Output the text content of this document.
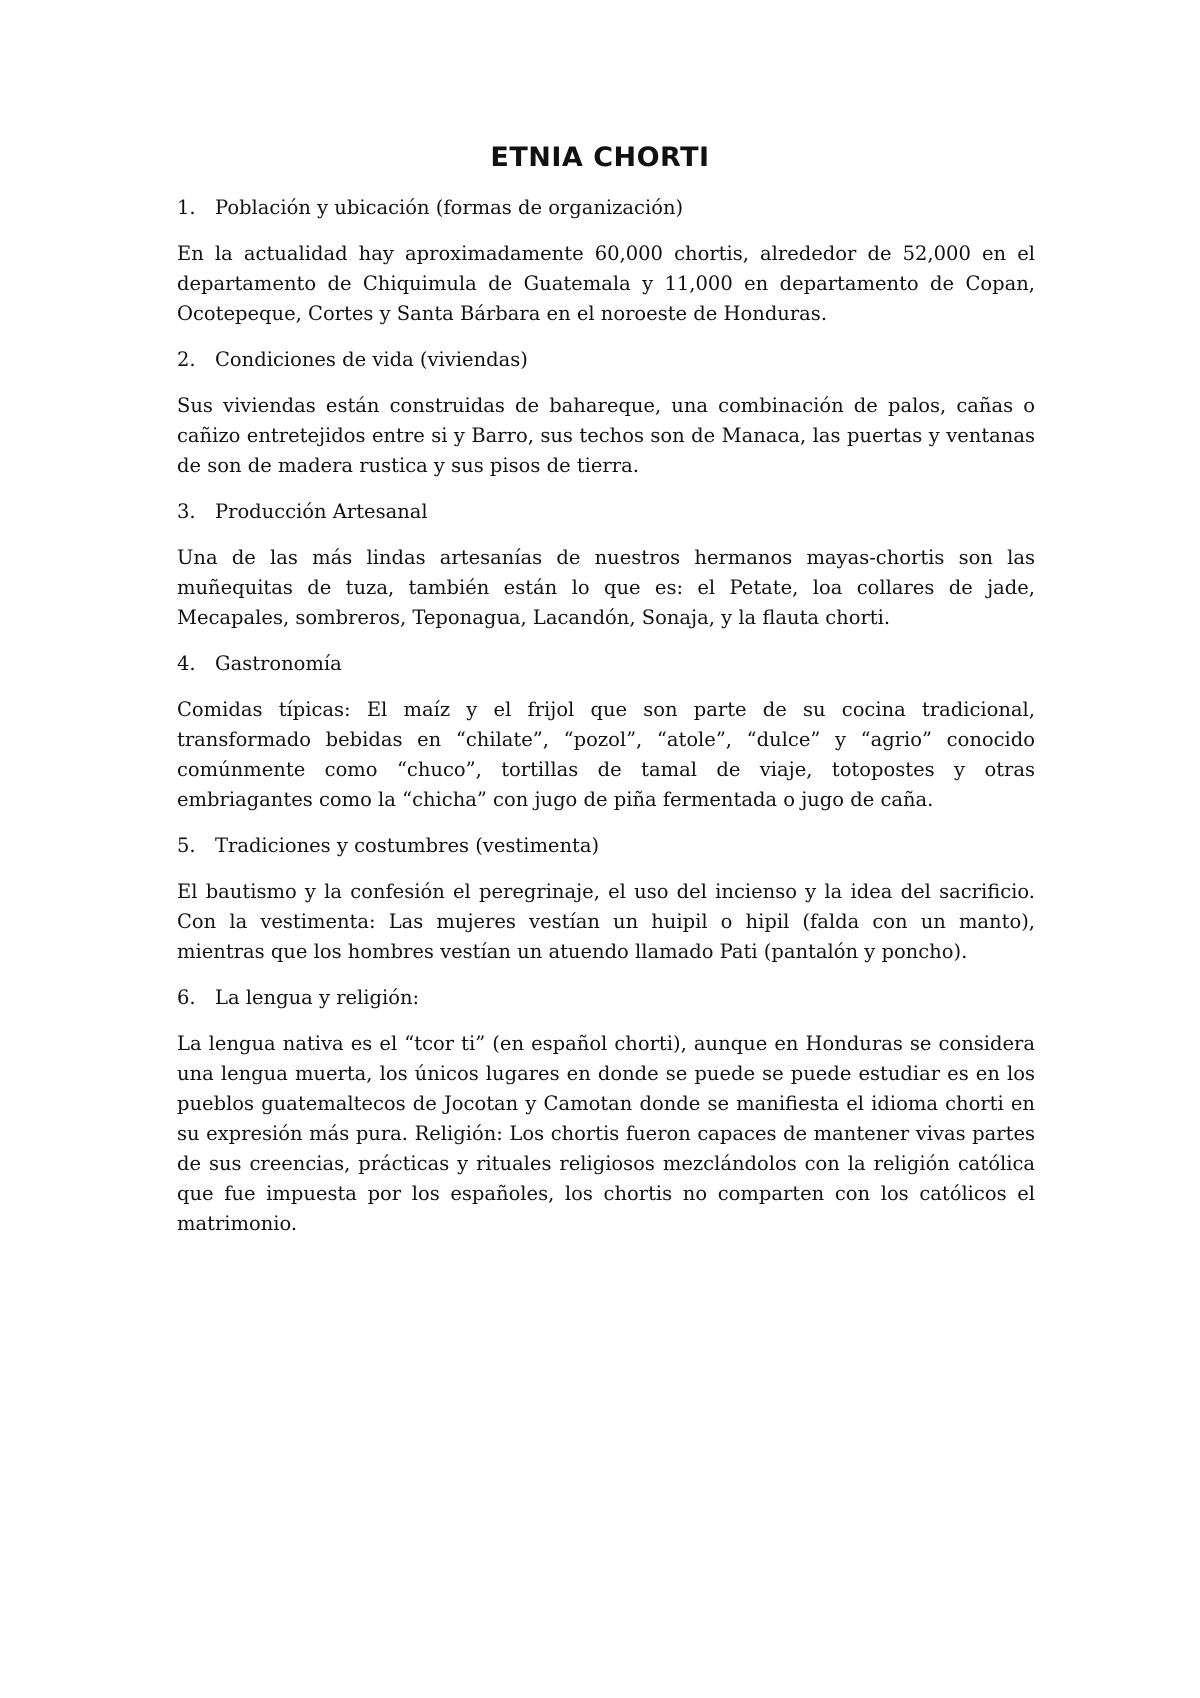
ETNIA CHORTI
1. Población y ubicación (formas de organización)

En la actualidad hay aproximadamente 60,000 chortis, alrededor de 52,000 en el departamento de Chiquimula de Guatemala y 11,000 en departamento de Copan, Ocotepeque, Cortes y Santa Bárbara en el noroeste de Honduras.

2. Condiciones de vida (viviendas)

Sus viviendas están construidas de bahareque, una combinación de palos, cañas o cañizo entretejidos entre si y Barro, sus techos son de Manaca, las puertas y ventanas de son de madera rustica y sus pisos de tierra.

3. Producción Artesanal

Una de las más lindas artesanías de nuestros hermanos mayas-chortis son las muñequitas de tuza, también están lo que es: el Petate, loa collares de jade, Mecapales, sombreros, Teponagua, Lacandón, Sonaja, y la flauta chorti.

4. Gastronomía

Comidas típicas: El maíz y el frijol que son parte de su cocina tradicional, transformado bebidas en “chilate”, “pozol”, “atole”, “dulce” y “agrio” conocido comúnmente como “chuco”, tortillas de tamal de viaje, totopostes y otras embriagantes como la “chicha” con jugo de piña fermentada o jugo de caña.

5. Tradiciones y costumbres (vestimenta)

El bautismo y la confesión el peregrinaje, el uso del incienso y la idea del sacrificio. Con la vestimenta: Las mujeres vestían un huipil o hipil (falda con un manto), mientras que los hombres vestían un atuendo llamado Pati (pantalón y poncho).

6. La lengua y religión:

La lengua nativa es el “tcor ti” (en español chorti), aunque en Honduras se considera una lengua muerta, los únicos lugares en donde se puede se puede estudiar es en los pueblos guatemaltecos de Jocotan y Camotan donde se manifiesta el idioma chorti en su expresión más pura. Religión: Los chortis fueron capaces de mantener vivas partes de sus creencias, prácticas y rituales religiosos mezclándolos con la religión católica que fue impuesta por los españoles, los chortis no comparten con los católicos el matrimonio.
